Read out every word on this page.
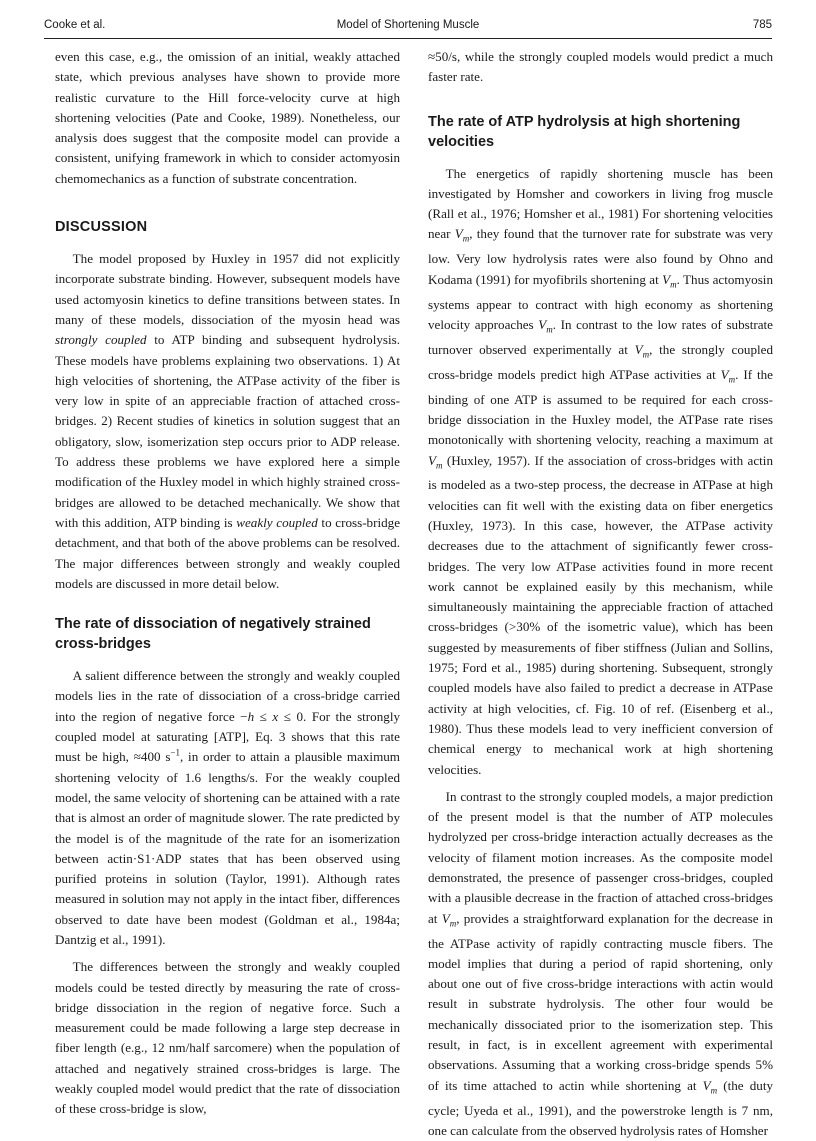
Cooke et al.	Model of Shortening Muscle	785

even this case, e.g., the omission of an initial, weakly attached state, which previous analyses have shown to provide more realistic curvature to the Hill force-velocity curve at high shortening velocities (Pate and Cooke, 1989). Nonetheless, our analysis does suggest that the composite model can provide a consistent, unifying framework in which to consider actomyosin chemomechanics as a function of substrate concentration.

DISCUSSION

The model proposed by Huxley in 1957 did not explicitly incorporate substrate binding. However, subsequent models have used actomyosin kinetics to define transitions between states. In many of these models, dissociation of the myosin head was strongly coupled to ATP binding and subsequent hydrolysis. These models have problems explaining two observations. 1) At high velocities of shortening, the ATPase activity of the fiber is very low in spite of an appreciable fraction of attached cross-bridges. 2) Recent studies of kinetics in solution suggest that an obligatory, slow, isomerization step occurs prior to ADP release. To address these problems we have explored here a simple modification of the Huxley model in which highly strained cross-bridges are allowed to be detached mechanically. We show that with this addition, ATP binding is weakly coupled to cross-bridge detachment, and that both of the above problems can be resolved. The major differences between strongly and weakly coupled models are discussed in more detail below.

The rate of dissociation of negatively strained cross-bridges

A salient difference between the strongly and weakly coupled models lies in the rate of dissociation of a cross-bridge carried into the region of negative force −h ≤ x ≤ 0. For the strongly coupled model at saturating [ATP], Eq. 3 shows that this rate must be high, ≈400 $s^{-1}$, in order to attain a plausible maximum shortening velocity of 1.6 lengths/s. For the weakly coupled model, the same velocity of shortening can be attained with a rate that is almost an order of magnitude slower. The rate predicted by the model is of the magnitude of the rate for an isomerization between actin·S1·ADP states that has been observed using purified proteins in solution (Taylor, 1991). Although rates measured in solution may not apply in the intact fiber, differences observed to date have been modest (Goldman et al., 1984a; Dantzig et al., 1991).

The differences between the strongly and weakly coupled models could be tested directly by measuring the rate of cross-bridge dissociation in the region of negative force. Such a measurement could be made following a large step decrease in fiber length (e.g., 12 nm/half sarcomere) when the population of attached and negatively strained cross-bridges is large. The weakly coupled model would predict that the rate of dissociation of these cross-bridge is slow,

≈50/s, while the strongly coupled models would predict a much faster rate.

The rate of ATP hydrolysis at high shortening velocities

The energetics of rapidly shortening muscle has been investigated by Homsher and coworkers in living frog muscle (Rall et al., 1976; Homsher et al., 1981) For shortening velocities near $V_m$, they found that the turnover rate for substrate was very low. Very low hydrolysis rates were also found by Ohno and Kodama (1991) for myofibrils shortening at $V_m$. Thus actomyosin systems appear to contract with high economy as shortening velocity approaches $V_m$. In contrast to the low rates of substrate turnover observed experimentally at $V_m$, the strongly coupled cross-bridge models predict high ATPase activities at $V_m$. If the binding of one ATP is assumed to be required for each cross-bridge dissociation in the Huxley model, the ATPase rate rises monotonically with shortening velocity, reaching a maximum at $V_m$ (Huxley, 1957). If the association of cross-bridges with actin is modeled as a two-step process, the decrease in ATPase at high velocities can fit well with the existing data on fiber energetics (Huxley, 1973). In this case, however, the ATPase activity decreases due to the attachment of significantly fewer cross-bridges. The very low ATPase activities found in more recent work cannot be explained easily by this mechanism, while simultaneously maintaining the appreciable fraction of attached cross-bridges (>30% of the isometric value), which has been suggested by measurements of fiber stiffness (Julian and Sollins, 1975; Ford et al., 1985) during shortening. Subsequent, strongly coupled models have also failed to predict a decrease in ATPase activity at high velocities, cf. Fig. 10 of ref. (Eisenberg et al., 1980). Thus these models lead to very inefficient conversion of chemical energy to mechanical work at high shortening velocities.

In contrast to the strongly coupled models, a major prediction of the present model is that the number of ATP molecules hydrolyzed per cross-bridge interaction actually decreases as the velocity of filament motion increases. As the composite model demonstrated, the presence of passenger cross-bridges, coupled with a plausible decrease in the fraction of attached cross-bridges at $V_m$, provides a straightforward explanation for the decrease in the ATPase activity of rapidly contracting muscle fibers. The model implies that during a period of rapid shortening, only about one out of five cross-bridge interactions with actin would result in substrate hydrolysis. The other four would be mechanically dissociated prior to the isomerization step. This result, in fact, is in excellent agreement with experimental observations. Assuming that a working cross-bridge spends 5% of its time attached to actin while shortening at $V_m$ (the duty cycle; Uyeda et al., 1991), and the powerstroke length is 7 nm, one can calculate from the observed hydrolysis rates of Homsher
